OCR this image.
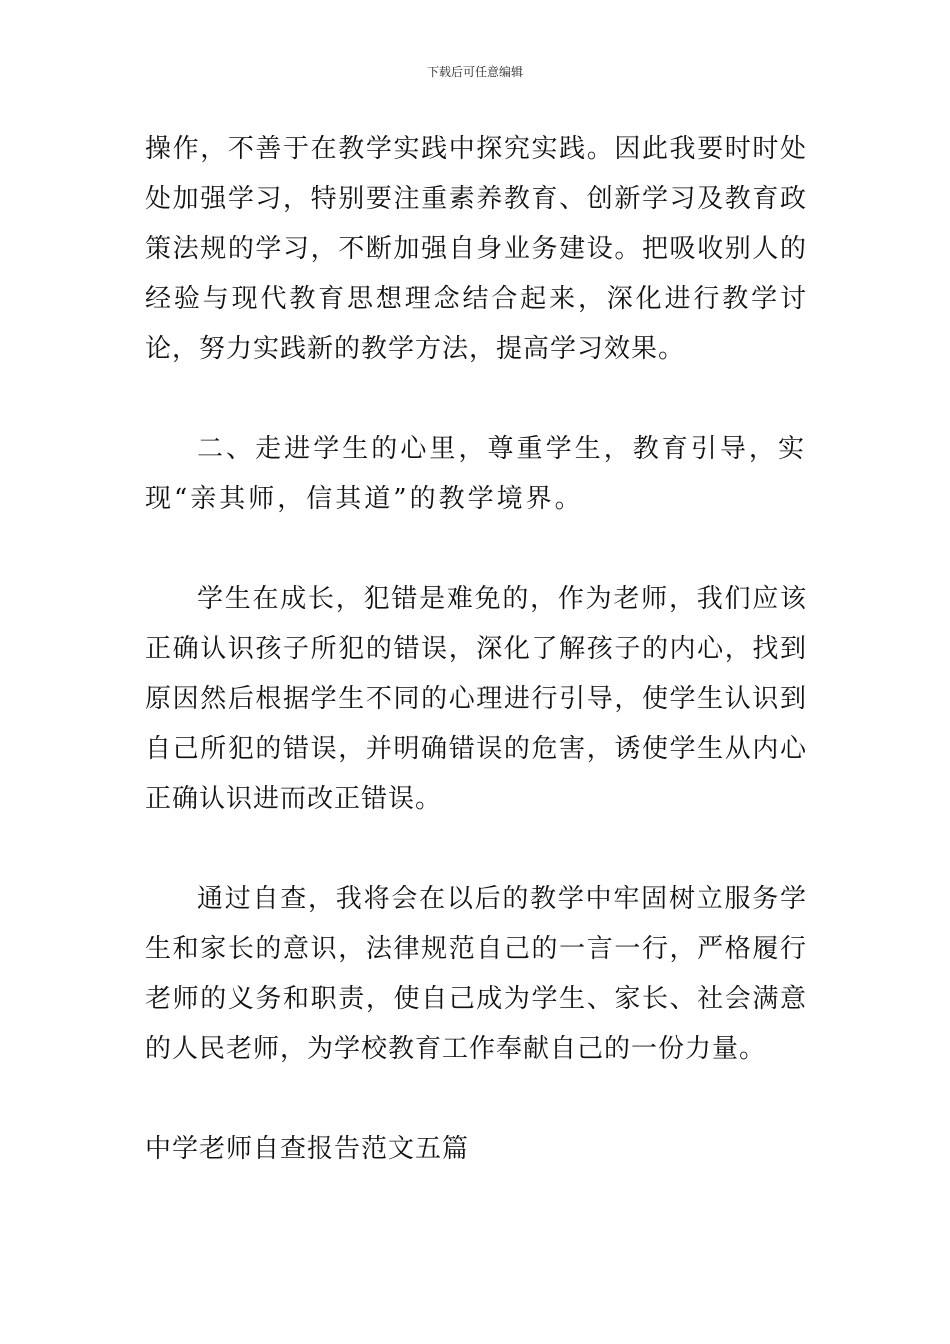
下载后可任意编辑

操作，不善于在教学实践中探究实践。因此我要时时处处加强学习，特别要注重素养教育、创新学习及教育政策法规的学习，不断加强自身业务建设。把吸收别人的经验与现代教育思想理念结合起来，深化进行教学讨论，努力实践新的教学方法，提高学习效果。

二、走进学生的心里，尊重学生，教育引导，实现“亲其师，信其道”的教学境界。

学生在成长，犯错是难免的，作为老师，我们应该正确认识孩子所犯的错误，深化了解孩子的内心，找到原因然后根据学生不同的心理进行引导，使学生认识到自己所犯的错误，并明确错误的危害，诱使学生从内心正确认识进而改正错误。

通过自查，我将会在以后的教学中牢固树立服务学生和家长的意识，法律规范自己的一言一行，严格履行老师的义务和职责，使自己成为学生、家长、社会满意的人民老师，为学校教育工作奉献自己的一份力量。

中学老师自查报告范文五篇
